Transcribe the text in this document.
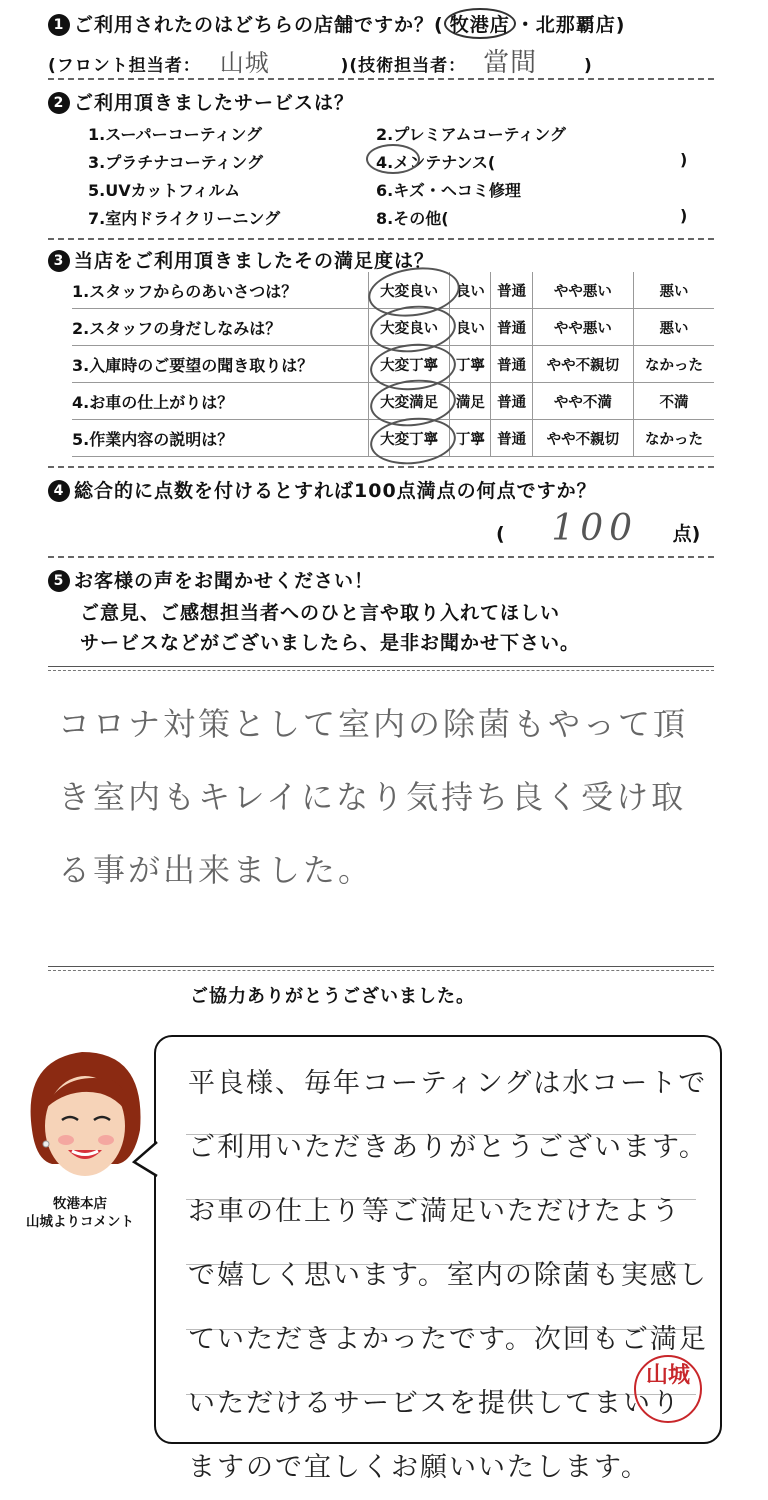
1 ご利用されたのはどちらの店舗ですか？( 牧港店 ・北那覇店)
(フロント担当者： 山城	)(技術担当者： 當間	)
2 ご利用頂きましたサービスは？
1.スーパーコーティング	2.プレミアムコーティング
3.プラチナコーティング	4.メンテナンス(	)
5.UVカットフィルム	6.キズ・ヘコミ修理
7.室内ドライクリーニング	8.その他(	)
3 当店をご利用頂きましたその満足度は？
1.スタッフからのあいさつは？	大変良い	良い	普通	やや悪い	悪い
2.スタッフの身だしなみは？	大変良い	良い	普通	やや悪い	悪い
3.入庫時のご要望の聞き取りは？	大変丁寧	丁寧	普通	やや不親切	なかった
4.お車の仕上がりは？	大変満足	満足	普通	やや不満	不満
5.作業内容の説明は？	大変丁寧	丁寧	普通	やや不親切	なかった
4 総合的に点数を付けるとすれば100点満点の何点ですか？
( 100 点)
5 お客様の声をお聞かせください！
ご意見、ご感想担当者へのひと言や取り入れてほしい
サービスなどがございましたら、是非お聞かせ下さい。
コロナ対策として室内の除菌もやって頂き室内もキレイになり気持ち良く受け取る事が出来ました。
ご協力ありがとうございました。
牧港本店
山城よりコメント
平良様、毎年コーティングは水コートでご利用いただきありがとうございます。お車の仕上り等ご満足いただけたようで嬉しく思います。室内の除菌も実感していただきよかったです。次回もご満足いただけるサービスを提供してまいりますので宜しくお願いいたします。
山城
